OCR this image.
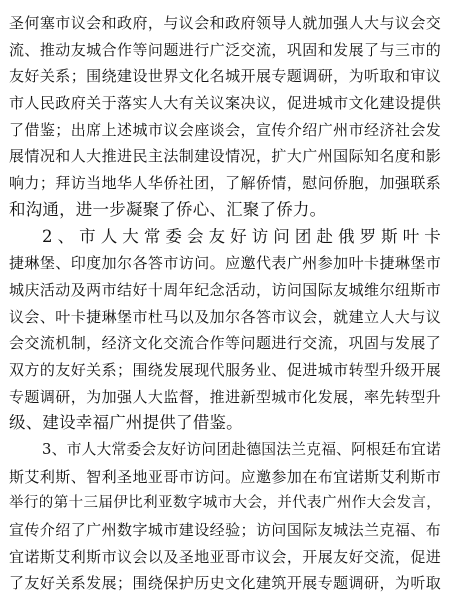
圣何塞市议会和政府，与议会和政府领导人就加强人大与议会交
流、推动友城合作等问题进行广泛交流，巩固和发展了与三市的
友好关系；围绕建设世界文化名城开展专题调研，为听取和审议
市人民政府关于落实人大有关议案决议，促进城市文化建设提供
了借鉴；出席上述城市议会座谈会，宣传介绍广州市经济社会发
展情况和人大推进民主法制建设情况，扩大广州国际知名度和影
响力；拜访当地华人华侨社团，了解侨情，慰问侨胞，加强联系
和沟通，进一步凝聚了侨心、汇聚了侨力。
2、市人大常委会友好访问团赴俄罗斯叶卡
捷琳堡、印度加尔各答市访问。应邀代表广州参加叶卡捷琳堡市
城庆活动及两市结好十周年纪念活动，访问国际友城维尔纽斯市
议会、叶卡捷琳堡市杜马以及加尔各答市议会，就建立人大与议
会交流机制，经济文化交流合作等问题进行交流，巩固与发展了
双方的友好关系；围绕发展现代服务业、促进城市转型升级开展
专题调研，为加强人大监督，推进新型城市化发展，率先转型升
级、建设幸福广州提供了借鉴。
3、市人大常委会友好访问团赴德国法兰克福、阿根廷布宜诺
斯艾利斯、智利圣地亚哥市访问。应邀参加在布宜诺斯艾利斯市
举行的第十三届伊比利亚数字城市大会，并代表广州作大会发言，
宣传介绍了广州数字城市建设经验；访问国际友城法兰克福、布
宜诺斯艾利斯市议会以及圣地亚哥市议会，开展友好交流，促进
了友好关系发展；围绕保护历史文化建筑开展专题调研，为听取
